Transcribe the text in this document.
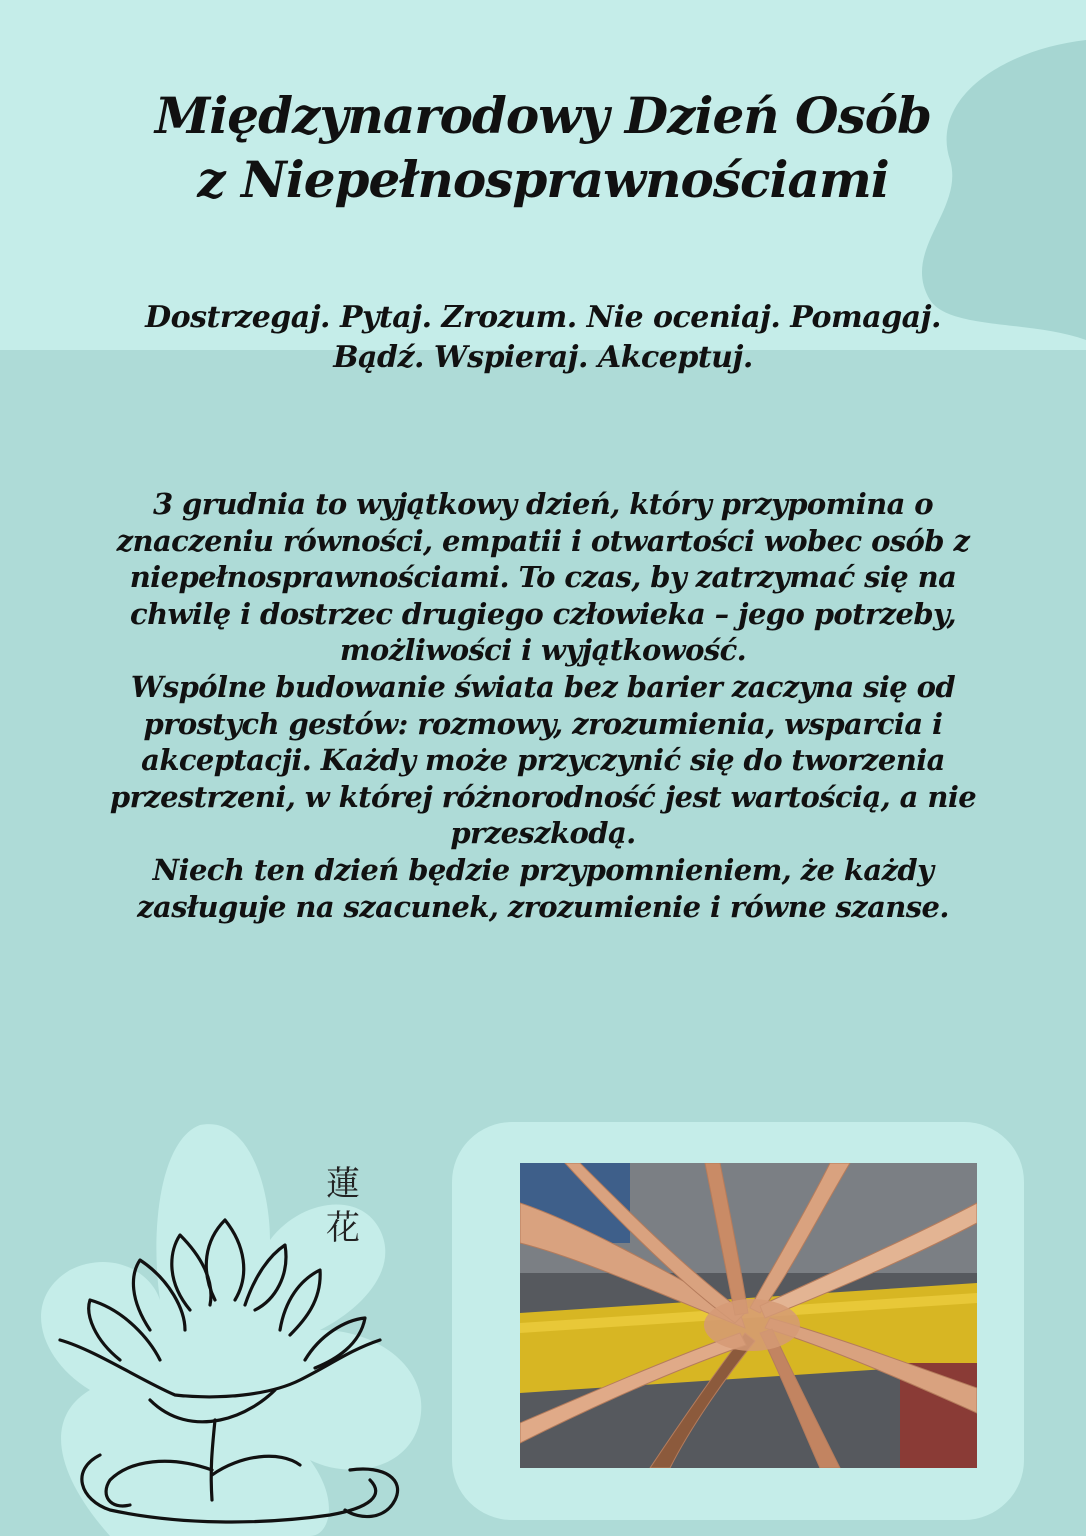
Międzynarodowy Dzień Osób
z Niepełnosprawnościami
Dostrzegaj. Pytaj. Zrozum. Nie oceniaj. Pomagaj.
Bądź. Wspieraj. Akceptuj.

3 grudnia to wyjątkowy dzień, który przypomina o znaczeniu równości, empatii i otwartości wobec osób z niepełnosprawnościami. To czas, by zatrzymać się na chwilę i dostrzec drugiego człowieka – jego potrzeby, możliwości i wyjątkowość.

Wspólne budowanie świata bez barier zaczyna się od prostych gestów: rozmowy, zrozumienia, wsparcia i akceptacji. Każdy może przyczynić się do tworzenia przestrzeni, w której różnorodność jest wartością, a nie przeszkodą.

Niech ten dzień będzie przypomnieniem, że każdy zasługuje na szacunek, zrozumienie i równe szanse.

蓮
花
